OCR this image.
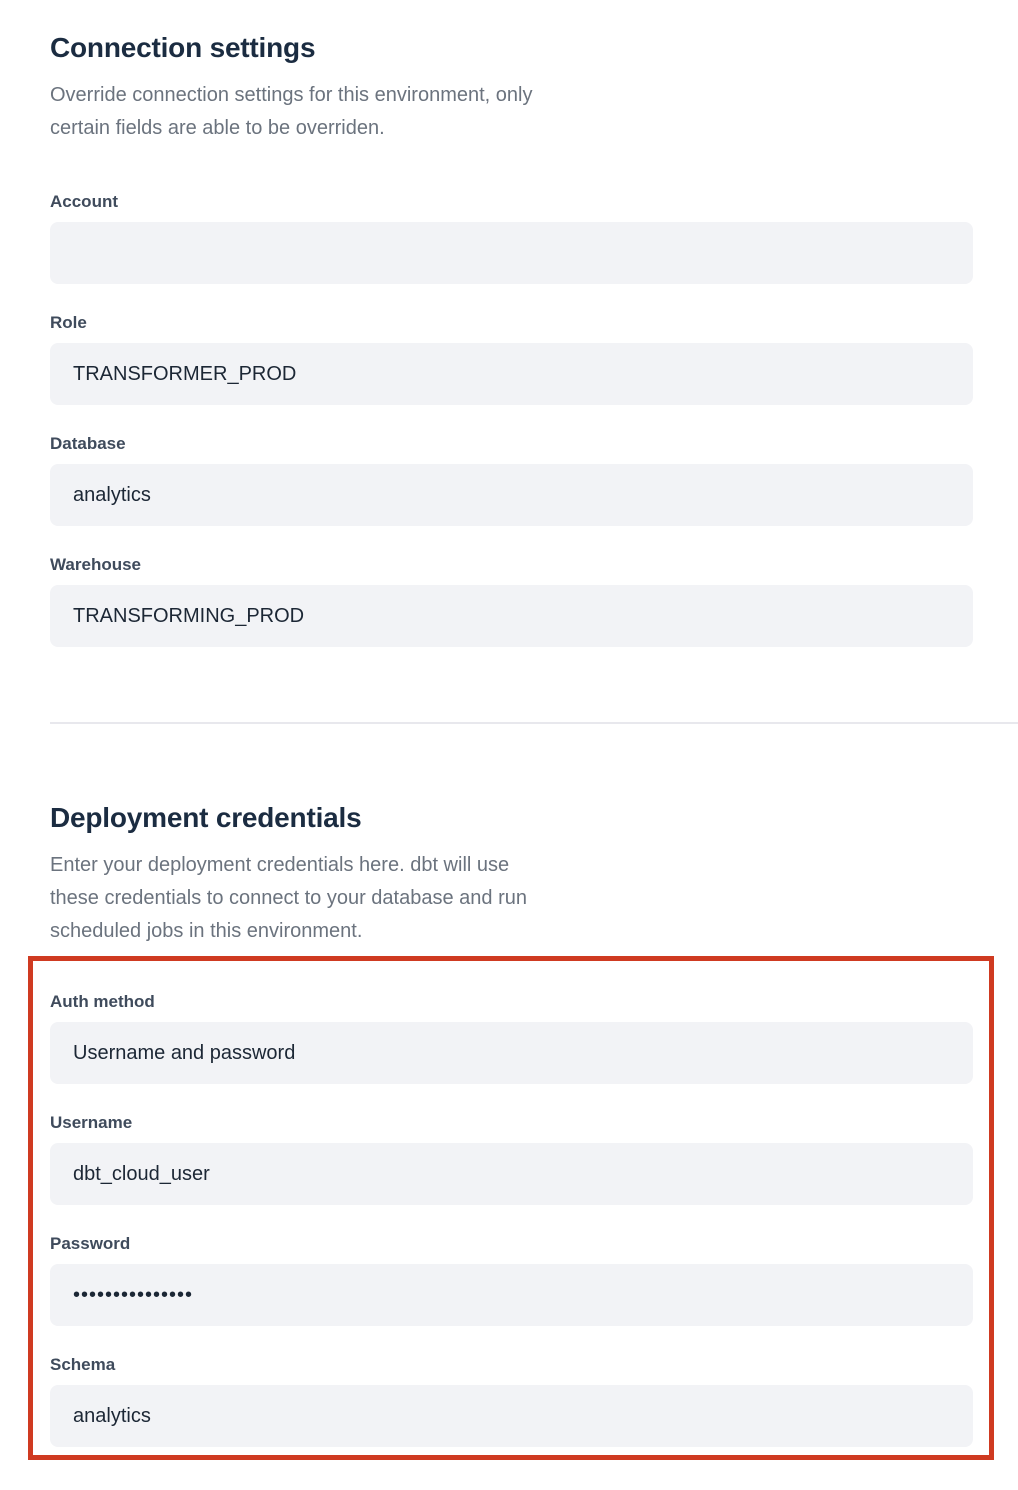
Connection settings

Override connection settings for this environment, only certain fields are able to be overriden.

Account
Role
TRANSFORMER_PROD
Database
analytics
Warehouse
TRANSFORMING_PROD
Deployment credentials

Enter your deployment credentials here. dbt will use these credentials to connect to your database and run scheduled jobs in this environment.

Auth method
Username and password
Username
dbt_cloud_user
Password
•••••••••••••••
Schema
analytics
